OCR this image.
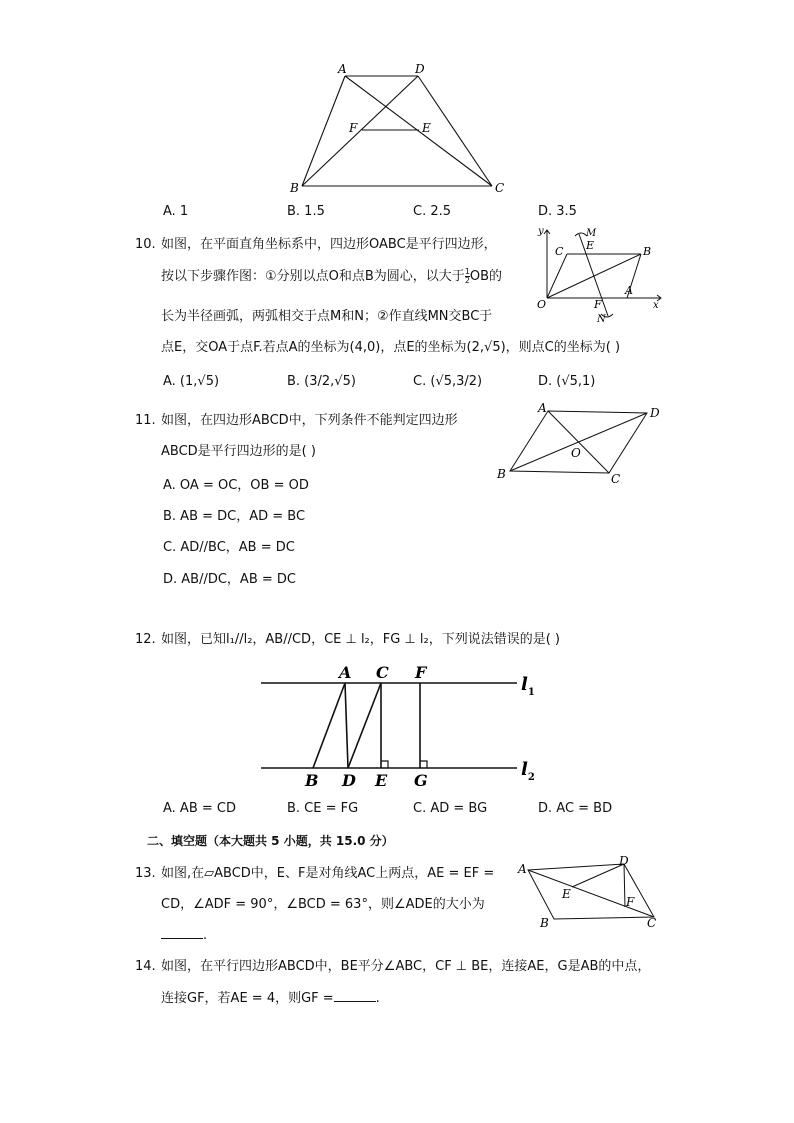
A	D
F	E
B	C
A. 1	B. 1.5	C. 2.5	D. 3.5
10. 如图，在平面直角坐标系中，四边形OABC是平行四边形，
按以下步骤作图：①分别以点O和点B为圆心，以大于 $\frac{1}{2}$ OB的
长为半径画弧，两弧相交于点M和N；②作直线MN交BC于
点E，交OA于点F.若点A的坐标为(4,0)，点E的坐标为(2,√5)，则点C的坐标为( )
y
x
C E
M
B
O	F
A
N
A. (1,√5)	B. (3/2,√5)	C. (√5,3/2)	D. (√5,1)
11. 如图，在四边形ABCD中，下列条件不能判定四边形
ABCD是平行四边形的是( )
A. OA = OC，OB = OD
B. AB = DC，AD = BC
C. AD//BC，AB = DC
D. AB//DC，AB = DC
A	D
O
B	C
12. 如图，已知l₁//l₂，AB//CD，CE ⊥ l₂，FG ⊥ l₂，下列说法错误的是( )
A C F
$l_1$
B D E G
$l_2$
A. AB = CD	B. CE = FG	C. AD = BG	D. AC = BD
二、填空题（本大题共 5 小题，共 15.0 分）
13. 如图,在▱ABCD中，E、F是对角线AC上两点，AE = EF =
CD，∠ADF = 90°，∠BCD = 63°，则∠ADE的大小为
.
A
D
E
F
B	C
14. 如图，在平行四边形ABCD中，BE平分∠ABC，CF ⊥ BE，连接AE，G是AB的中点，
连接GF，若AE = 4，则GF =	.
